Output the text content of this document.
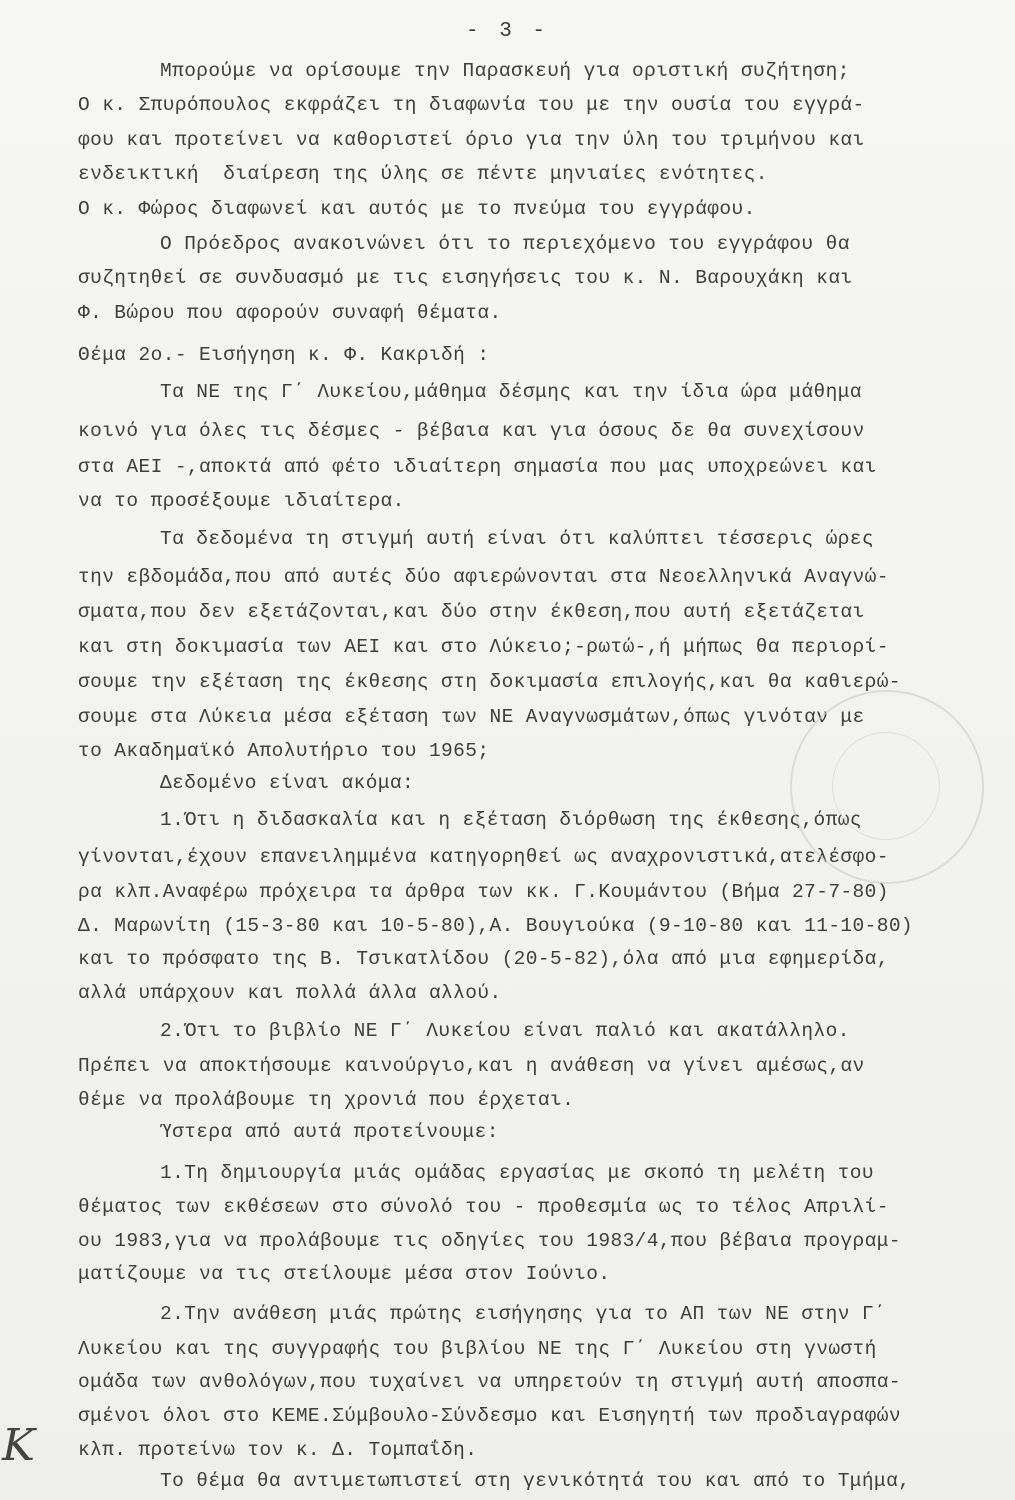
- 3 -
Μπορούμε να ορίσουμε την Παρασκευή για οριστική συζήτηση;
Ο κ. Σπυρόπουλος εκφράζει τη διαφωνία του με την ουσία του εγγρά-
φου και προτείνει να καθοριστεί όριο για την ύλη του τριμήνου και
ενδεικτική  διαίρεση της ύλης σε πέντε μηνιαίες ενότητες.
Ο κ. Φώρος διαφωνεί και αυτός με το πνεύμα του εγγράφου.
Ο Πρόεδρος ανακοινώνει ότι το περιεχόμενο του εγγράφου θα
συζητηθεί σε συνδυασμό με τις εισηγήσεις του κ. Ν. Βαρουχάκη και
Φ. Βώρου που αφορούν συναφή θέματα.
Θέμα 2ο.- Εισήγηση κ. Φ. Κακριδή :
Τα ΝΕ της Γ΄ Λυκείου,μάθημα δέσμης και την ίδια ώρα μάθημα
κοινό για όλες τις δέσμες - βέβαια και για όσους δε θα συνεχίσουν
στα ΑΕΙ -,αποκτά από φέτο ιδιαίτερη σημασία που μας υποχρεώνει και
να το προσέξουμε ιδιαίτερα.
Τα δεδομένα τη στιγμή αυτή είναι ότι καλύπτει τέσσερις ώρες
την εβδομάδα,που από αυτές δύο αφιερώνονται στα Νεοελληνικά Αναγνώ-
σματα,που δεν εξετάζονται,και δύο στην έκθεση,που αυτή εξετάζεται
και στη δοκιμασία των ΑΕΙ και στο Λύκειο;-ρωτώ-,ή μήπως θα περιορί-
σουμε την εξέταση της έκθεσης στη δοκιμασία επιλογής,και θα καθιερώ-
σουμε στα Λύκεια μέσα εξέταση των ΝΕ Αναγνωσμάτων,όπως γινόταν με
το Ακαδημαϊκό Απολυτήριο του 1965;
Δεδομένο είναι ακόμα:
1.Ότι η διδασκαλία και η εξέταση διόρθωση της έκθεσης,όπως
γίνονται,έχουν επανειλημμένα κατηγορηθεί ως αναχρονιστικά,ατελέσφο-
ρα κλπ.Αναφέρω πρόχειρα τα άρθρα των κκ. Γ.Κουμάντου (Βήμα 27-7-80)
Δ. Μαρωνίτη (15-3-80 και 10-5-80),Α. Βουγιούκα (9-10-80 και 11-10-80)
και το πρόσφατο της Β. Τσικατλίδου (20-5-82),όλα από μια εφημερίδα,
αλλά υπάρχουν και πολλά άλλα αλλού.
2.Ότι το βιβλίο ΝΕ Γ΄ Λυκείου είναι παλιό και ακατάλληλο.
Πρέπει να αποκτήσουμε καινούργιο,και η ανάθεση να γίνει αμέσως,αν
θέμε να προλάβουμε τη χρονιά που έρχεται.
Ύστερα από αυτά προτείνουμε:
1.Τη δημιουργία μιάς ομάδας εργασίας με σκοπό τη μελέτη του
θέματος των εκθέσεων στο σύνολό του - προθεσμία ως το τέλος Απριλί-
ου 1983,για να προλάβουμε τις οδηγίες του 1983/4,που βέβαια προγραμ-
ματίζουμε να τις στείλουμε μέσα στον Ιούνιο.
2.Την ανάθεση μιάς πρώτης εισήγησης για το ΑΠ των ΝΕ στην Γ΄
Λυκείου και της συγγραφής του βιβλίου ΝΕ της Γ΄ Λυκείου στη γνωστή
ομάδα των ανθολόγων,που τυχαίνει να υπηρετούν τη στιγμή αυτή αποσπα-
σμένοι όλοι στο ΚΕΜΕ.Σύμβουλο-Σύνδεσμο και Εισηγητή των προδιαγραφών
κλπ. προτείνω τον κ. Δ. Τομπαΐδη.
Το θέμα θα αντιμετωπιστεί στη γενικότητά του και από το Τμήμα,
Κ
